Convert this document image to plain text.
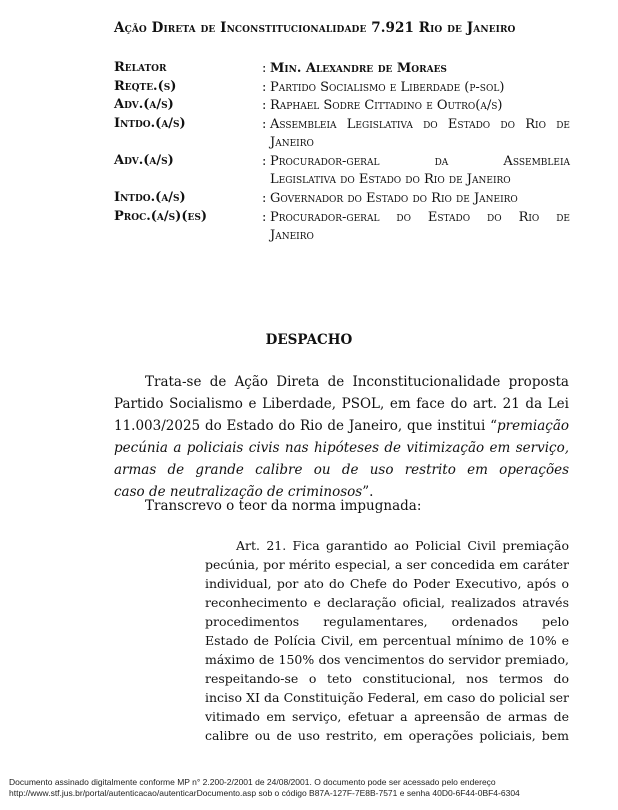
Ação Direta de Inconstitucionalidade 7.921 Rio de Janeiro
Relator	: Min. Alexandre de Moraes
Reqte.(s)	: Partido Socialismo e Liberdade (p-sol)
Adv.(a/s)	: Raphael Sodre Cittadino e Outro(a/s)
Intdo.(a/s)	: Assembleia Legislativa do Estado do Rio de
Janeiro
Adv.(a/s)	: Procurador-geral da Assembleia
Legislativa do Estado do Rio de Janeiro
Intdo.(a/s)	: Governador do Estado do Rio de Janeiro
Proc.(a/s)(es)	: Procurador-geral do Estado do Rio de
Janeiro
DESPACHO
Trata-se de Ação Direta de Inconstitucionalidade proposta
Partido Socialismo e Liberdade, PSOL, em face do art. 21 da Lei
11.003/2025 do Estado do Rio de Janeiro, que institui “premiação
pecúnia a policiais civis nas hipóteses de vitimização em serviço,
armas de grande calibre ou de uso restrito em operações
caso de neutralização de criminosos”.
Transcrevo o teor da norma impugnada:
Art. 21. Fica garantido ao Policial Civil premiação
pecúnia, por mérito especial, a ser concedida em caráter
individual, por ato do Chefe do Poder Executivo, após o
reconhecimento e declaração oficial, realizados através
procedimentos regulamentares, ordenados pelo
Estado de Polícia Civil, em percentual mínimo de 10% e
máximo de 150% dos vencimentos do servidor premiado,
respeitando-se o teto constitucional, nos termos do
inciso XI da Constituição Federal, em caso do policial ser
vitimado em serviço, efetuar a apreensão de armas de
calibre ou de uso restrito, em operações policiais, bem
Documento assinado digitalmente conforme MP n° 2.200-2/2001 de 24/08/2001. O documento pode ser acessado pelo endereço
http://www.stf.jus.br/portal/autenticacao/autenticarDocumento.asp sob o código B87A-127F-7E8B-7571 e senha 40D0-6F44-0BF4-6304
